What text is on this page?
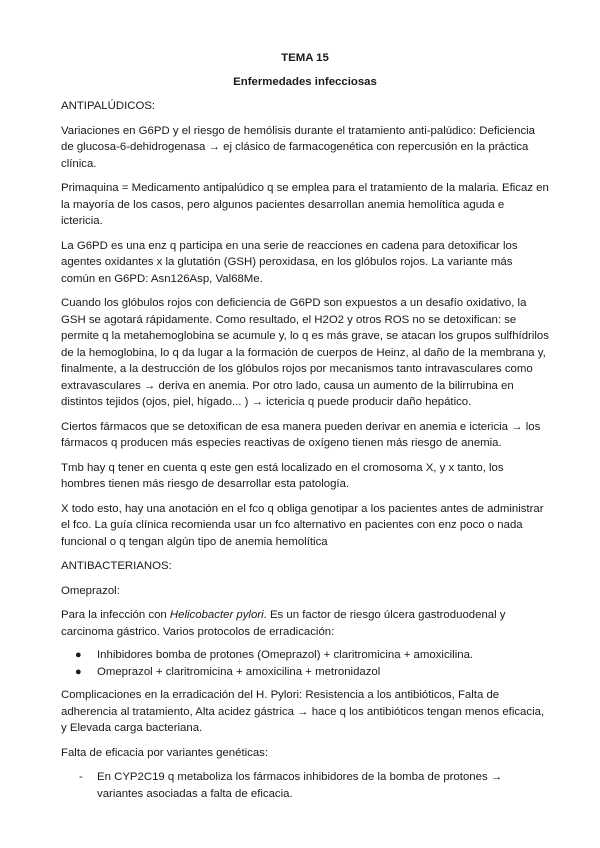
TEMA 15
Enfermedades infecciosas
ANTIPALÚDICOS:
Variaciones en G6PD y el riesgo de hemólisis durante el tratamiento anti-palúdico: Deficiencia de glucosa-6-dehidrogenasa → ej clásico de farmacogenética con repercusión en la práctica clínica.
Primaquina = Medicamento antipalúdico q se emplea para el tratamiento de la malaria. Eficaz en la mayoría de los casos, pero algunos pacientes desarrollan anemia hemolítica aguda e ictericia.
La G6PD es una enz q participa en una serie de reacciones en cadena para detoxificar los agentes oxidantes x la glutatión (GSH) peroxidasa, en los glóbulos rojos. La variante más común en G6PD: Asn126Asp, Val68Me.
Cuando los glóbulos rojos con deficiencia de G6PD son expuestos a un desafío oxidativo, la GSH se agotará rápidamente. Como resultado, el H2O2 y otros ROS no se detoxifican: se permite q la metahemoglobina se acumule y, lo q es más grave, se atacan los grupos sulfhídrilos de la hemoglobina, lo q da lugar a la formación de cuerpos de Heinz, al daño de la membrana y, finalmente, a la destrucción de los glóbulos rojos por mecanismos tanto intravasculares como extravasculares → deriva en anemia. Por otro lado, causa un aumento de la bilirrubina en distintos tejidos (ojos, piel, hígado... ) → ictericia q puede producir daño hepático.
Ciertos fármacos que se detoxifican de esa manera pueden derivar en anemia e ictericia → los fármacos q producen más especies reactivas de oxígeno tienen más riesgo de anemia.
Tmb hay q tener en cuenta q este gen está localizado en el cromosoma X, y x tanto, los hombres tienen más riesgo de desarrollar esta patología.
X todo esto, hay una anotación en el fco q obliga genotipar a los pacientes antes de administrar el fco. La guía clínica recomienda usar un fco alternativo en pacientes con enz poco o nada funcional o q tengan algún tipo de anemia hemolítica
ANTIBACTERIANOS:
Omeprazol:
Para la infección con Helicobacter pylori. Es un factor de riesgo úlcera gastroduodenal y carcinoma gástrico. Varios protocolos de erradicación:
● Inhibidores bomba de protones (Omeprazol) + claritromicina + amoxicilina.
● Omeprazol + claritromicina + amoxicilina + metronidazol
Complicaciones en la erradicación del H. Pylori: Resistencia a los antibióticos, Falta de adherencia al tratamiento, Alta acidez gástrica → hace q los antibióticos tengan menos eficacia, y Elevada carga bacteriana.
Falta de eficacia por variantes genéticas:
- En CYP2C19 q metaboliza los fármacos inhibidores de la bomba de protones → variantes asociadas a falta de eficacia.
